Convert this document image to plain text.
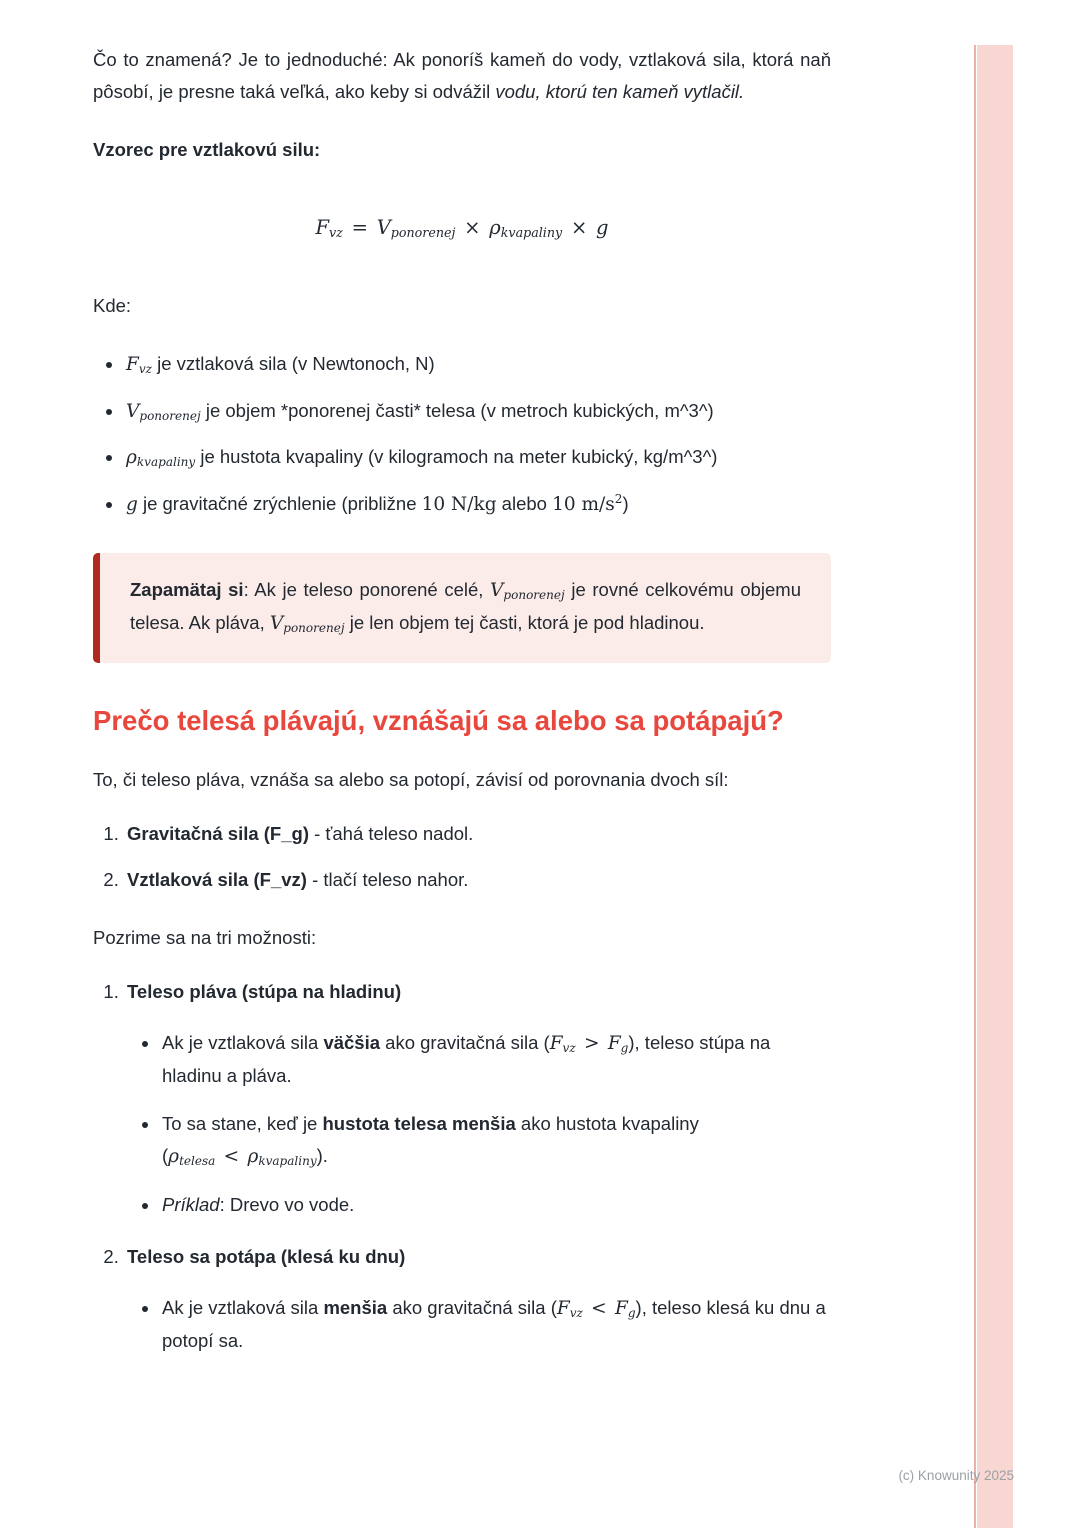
Čo to znamená? Je to jednoduché: Ak ponoríš kameň do vody, vztlaková sila, ktorá naň pôsobí, je presne taká veľká, ako keby si odvážil vodu, ktorú ten kameň vytlačil.

Vzorec pre vztlakovú silu:

$F_{vz} = V_{ponorenej} \times \rho_{kvapaliny} \times g$

Kde:

• $F_{vz}$ je vztlaková sila (v Newtonoch, N)
• $V_{ponorenej}$ je objem *ponorenej časti* telesa (v metroch kubických, m^3^)
• $\rho_{kvapaliny}$ je hustota kvapaliny (v kilogramoch na meter kubický, kg/m^3^)
• g je gravitačné zrýchlenie (približne 10 N/kg alebo 10 $m/s^2$)

Zapamätaj si: Ak je teleso ponorené celé, $V_{ponorenej}$ je rovné celkovému objemu telesa. Ak pláva, $V_{ponorenej}$ je len objem tej časti, ktorá je pod hladinou.

Prečo telesá plávajú, vznášajú sa alebo sa potápajú?

To, či teleso pláva, vznáša sa alebo sa potopí, závisí od porovnania dvoch síl:

1. Gravitačná sila (F_g) - ťahá teleso nadol.
2. Vztlaková sila (F_vz) - tlačí teleso nahor.

Pozrime sa na tri možnosti:

1. Teleso pláva (stúpa na hladinu)
• Ak je vztlaková sila väčšia ako gravitačná sila $(F_{vz} > F_g)$, teleso stúpa na hladinu a pláva.
• To sa stane, keď je hustota telesa menšia ako hustota kvapaliny $(\rho_{telesa} < \rho_{kvapaliny})$.
• Príklad: Drevo vo vode.
2. Teleso sa potápa (klesá ku dnu)
• Ak je vztlaková sila menšia ako gravitačná sila $(F_{vz} < F_g)$, teleso klesá ku dnu a potopí sa.
(c) Knowunity 2025
